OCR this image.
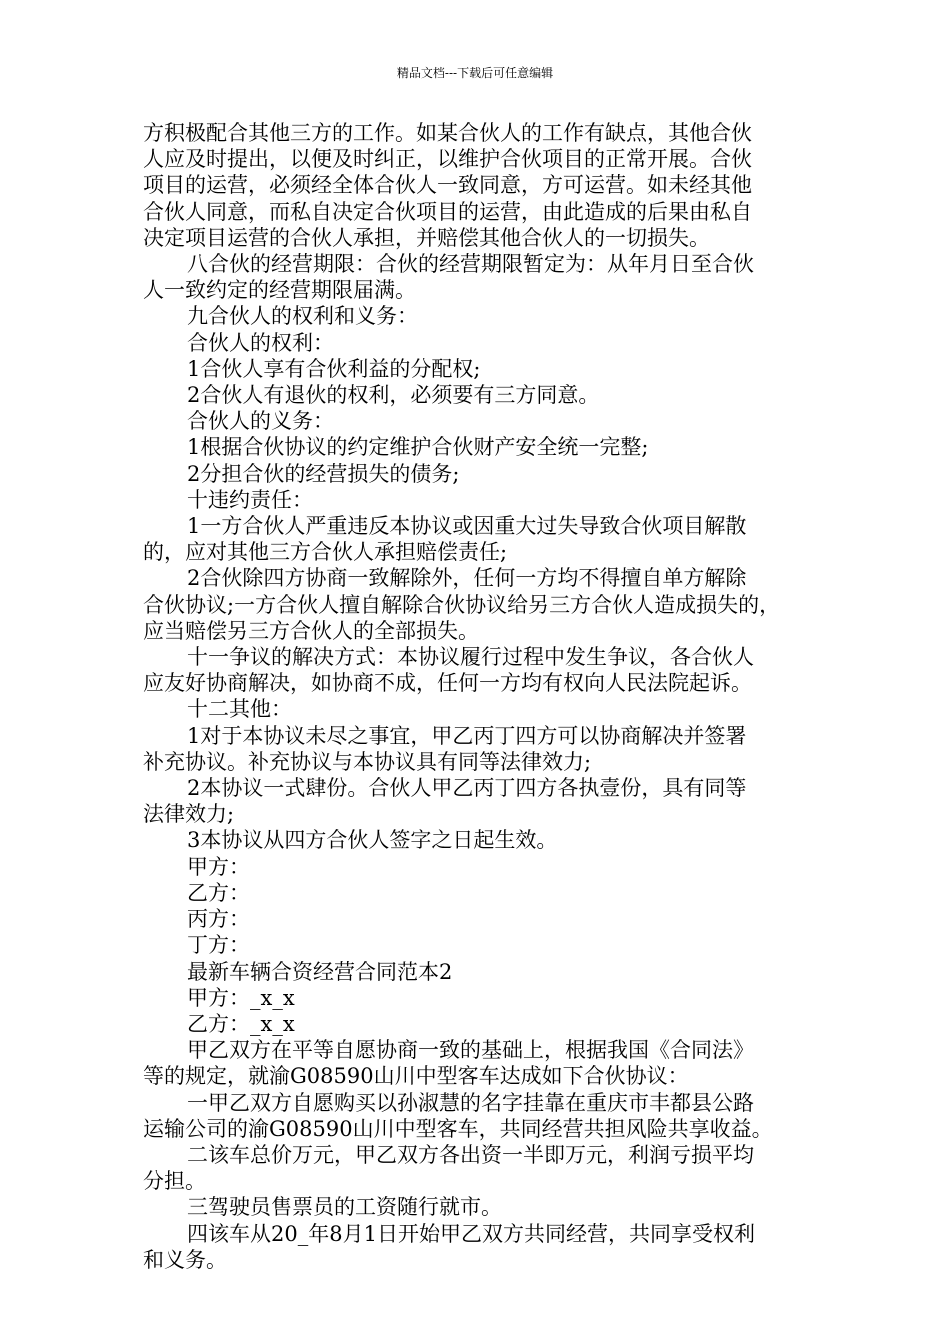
精品文档---下载后可任意编辑

方积极配合其他三方的工作。如某合伙人的工作有缺点，其他合伙

人应及时提出，以便及时纠正，以维护合伙项目的正常开展。合伙

项目的运营，必须经全体合伙人一致同意，方可运营。如未经其他

合伙人同意，而私自决定合伙项目的运营，由此造成的后果由私自

决定项目运营的合伙人承担，并赔偿其他合伙人的一切损失。

八合伙的经营期限：合伙的经营期限暂定为：从年月日至合伙

人一致约定的经营期限届满。

九合伙人的权利和义务：

合伙人的权利：

1合伙人享有合伙利益的分配权;

2合伙人有退伙的权利，必须要有三方同意。

合伙人的义务：

1根据合伙协议的约定维护合伙财产安全统一完整;

2分担合伙的经营损失的债务;

十违约责任：

1一方合伙人严重违反本协议或因重大过失导致合伙项目解散

的，应对其他三方合伙人承担赔偿责任;

2合伙除四方协商一致解除外，任何一方均不得擅自单方解除

合伙协议;一方合伙人擅自解除合伙协议给另三方合伙人造成损失的，

应当赔偿另三方合伙人的全部损失。

十一争议的解决方式：本协议履行过程中发生争议，各合伙人

应友好协商解决，如协商不成，任何一方均有权向人民法院起诉。

十二其他：

1对于本协议未尽之事宜，甲乙丙丁四方可以协商解决并签署

补充协议。补充协议与本协议具有同等法律效力;

2本协议一式肆份。合伙人甲乙丙丁四方各执壹份，具有同等

法律效力;

3本协议从四方合伙人签字之日起生效。

甲方：

乙方：

丙方：

丁方：

最新车辆合资经营合同范本2

甲方：_x_x

乙方：_x_x

甲乙双方在平等自愿协商一致的基础上，根据我国《合同法》

等的规定，就渝G08590山川中型客车达成如下合伙协议：

一甲乙双方自愿购买以孙淑慧的名字挂靠在重庆市丰都县公路

运输公司的渝G08590山川中型客车，共同经营共担风险共享收益。

二该车总价万元，甲乙双方各出资一半即万元，利润亏损平均

分担。

三驾驶员售票员的工资随行就市。

四该车从20_年8月1日开始甲乙双方共同经营，共同享受权利

和义务。
